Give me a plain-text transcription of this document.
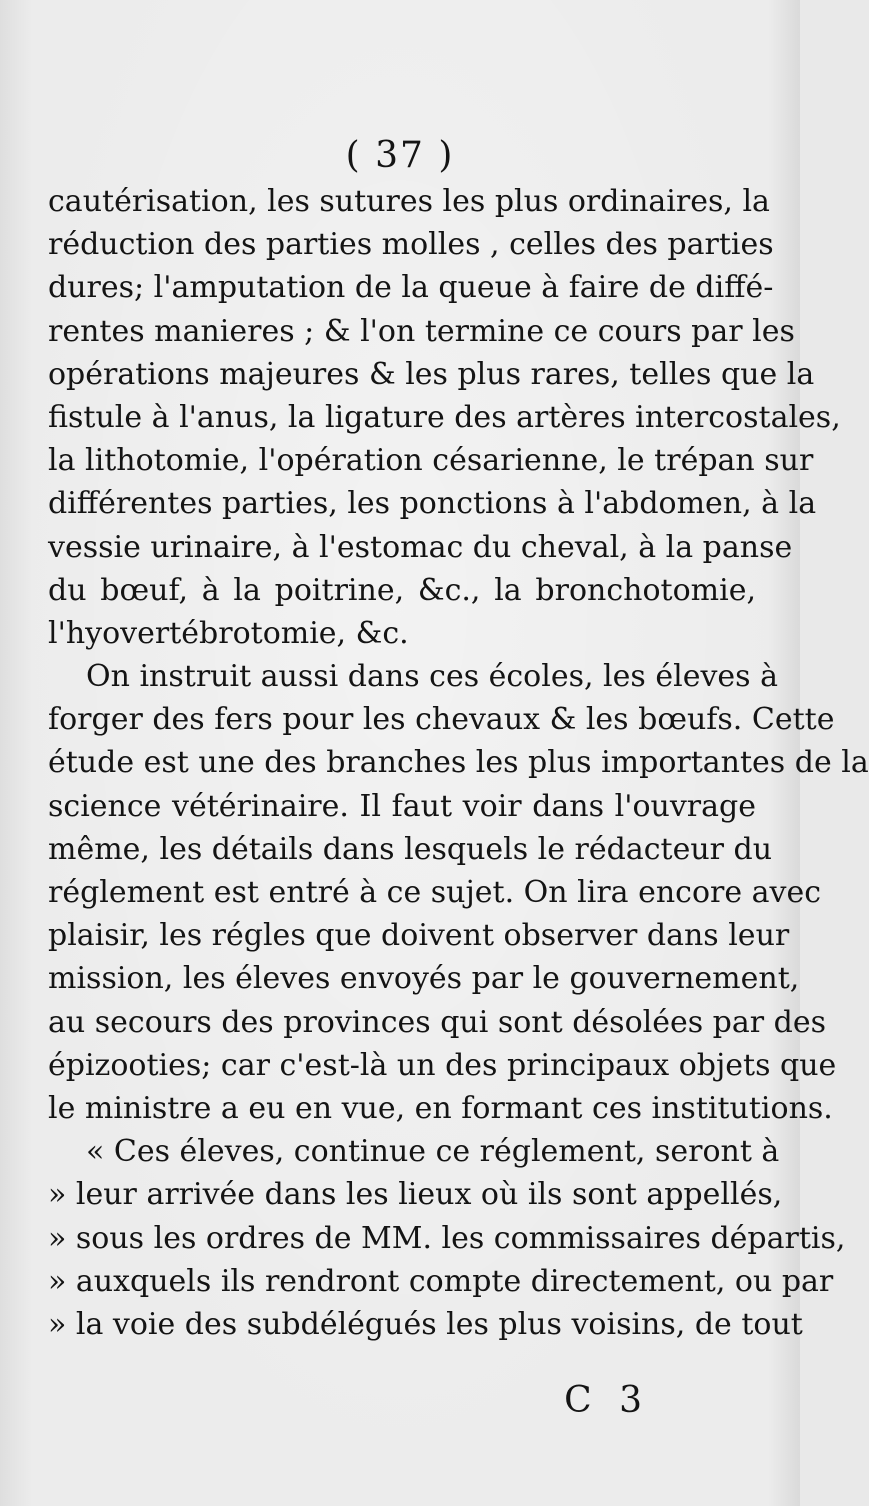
( 37 )
cautérisation, les sutures les plus ordinaires, la
réduction des parties molles , celles des parties
dures; l'amputation de la queue à faire de diffé-
rentes manieres ; & l'on termine ce cours par les
opérations majeures & les plus rares, telles que la
fistule à l'anus, la ligature des artères intercostales,
la lithotomie, l'opération césarienne, le trépan sur
différentes parties, les ponctions à l'abdomen, à la
vessie urinaire, à l'estomac du cheval, à la panse
du bœuf, à la poitrine, &c., la bronchotomie,
l'hyovertébrotomie, &c.
On instruit aussi dans ces écoles, les éleves à
forger des fers pour les chevaux & les bœufs. Cette
étude est une des branches les plus importantes de la
science vétérinaire. Il faut voir dans l'ouvrage
même, les détails dans lesquels le rédacteur du
réglement est entré à ce sujet. On lira encore avec
plaisir, les régles que doivent observer dans leur
mission, les éleves envoyés par le gouvernement,
au secours des provinces qui sont désolées par des
épizooties; car c'est-là un des principaux objets que
le ministre a eu en vue, en formant ces institutions.
« Ces éleves, continue ce réglement, seront à
» leur arrivée dans les lieux où ils sont appellés,
» sous les ordres de MM. les commissaires départis,
» auxquels ils rendront compte directement, ou par
» la voie des subdélégués les plus voisins, de tout
C 3
